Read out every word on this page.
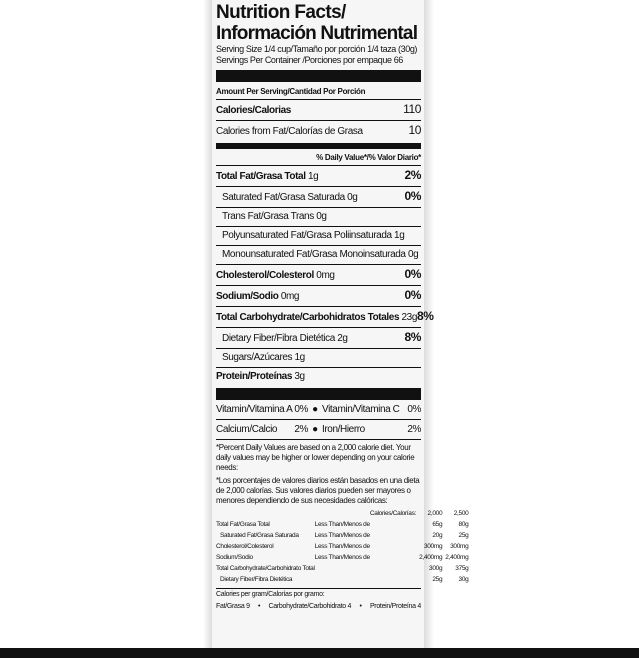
Nutrition Facts/
Información Nutrimental
Serving Size 1/4 cup/Tamaño por porción 1/4 taza (30g)
Servings Per Container /Porciones por empaque 66
Amount Per Serving/Cantidad Por Porción
Calories/Calorias	110
Calories from Fat/Calorías de Grasa	10
% Daily Value*/% Valor Diario*
Total Fat/Grasa Total 1g	2%
Saturated Fat/Grasa Saturada 0g	0%
Trans Fat/Grasa Trans 0g
Polyunsaturated Fat/Grasa Poliinsaturada 1g
Monounsaturated Fat/Grasa Monoinsaturada 0g
Cholesterol/Colesterol 0mg	0%
Sodium/Sodio 0mg	0%
Total Carbohydrate/Carbohidratos Totales 23g 8%
Dietary Fiber/Fibra Dietética 2g	8%
Sugars/Azúcares 1g
Protein/Proteínas 3g
Vitamin/Vitamina A 0% ● Vitamin/Vitamina C 0%
Calcium/Calcio	2% ● Iron/Hierro	2%
*Percent Daily Values are based on a 2,000 calorie diet. Your daily values may be higher or lower depending on your calorie needs:
*Los porcentajes de valores diarios están basados en una dieta de 2,000 calorías. Sus valores diarios pueden ser mayores o menores dependiendo de sus necesidades calóricas:
		Calories/Calorías:	2,000	2,500
Total Fat/Grasa Total	Less Than/Menos de		65g	80g
Saturated Fat/Grasa Saturada	Less Than/Menos de		20g	25g
Cholesterol/Colesterol	Less Than/Menos de		300mg	300mg
Sodium/Sodio	Less Than/Menos de		2,400mg	2,400mg
Total Carbohydrate/Carbohidrato Total			300g	375g
Dietary Fiber/Fibra Dietética			25g	30g
Calories per gram/Calorías por gramo:
Fat/Grasa 9 • Carbohydrate/Carbohidrato 4 • Protein/Proteína 4
